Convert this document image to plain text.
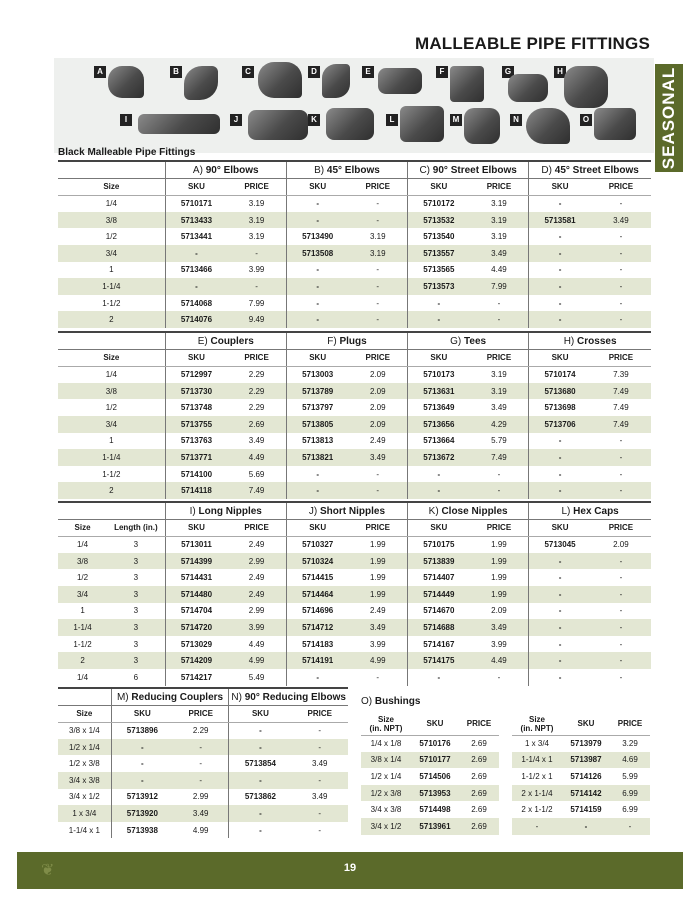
MALLEABLE PIPE FITTINGS
SEASONAL
A	B	C	D	E	F	G	H
I	J	K	L	M	N	O
Black Malleable Pipe Fittings
	A) 90° Elbows		B) 45° Elbows		C) 90° Street Elbows		D) 45° Street Elbows	
Size	SKU	PRICE	SKU	PRICE	SKU	PRICE	SKU	PRICE
1/4	5710171	3.19	-	-	5710172	3.19	-	-
3/8	5713433	3.19	-	-	5713532	3.19	5713581	3.49
1/2	5713441	3.19	5713490	3.19	5713540	3.19	-	-
3/4	-	-	5713508	3.19	5713557	3.49	-	-
1	5713466	3.99	-	-	5713565	4.49	-	-
1-1/4	-	-	-	-	5713573	7.99	-	-
1-1/2	5714068	7.99	-	-	-	-	-	-
2	5714076	9.49	-	-	-	-	-	-
	E) Couplers		F) Plugs		G) Tees		H) Crosses	
Size	SKU	PRICE	SKU	PRICE	SKU	PRICE	SKU	PRICE
1/4	5712997	2.29	5713003	2.09	5710173	3.19	5710174	7.39
3/8	5713730	2.29	5713789	2.09	5713631	3.19	5713680	7.49
1/2	5713748	2.29	5713797	2.09	5713649	3.49	5713698	7.49
3/4	5713755	2.69	5713805	2.09	5713656	4.29	5713706	7.49
1	5713763	3.49	5713813	2.49	5713664	5.79	-	-
1-1/4	5713771	4.49	5713821	3.49	5713672	7.49	-	-
1-1/2	5714100	5.69	-	-	-	-	-	-
2	5714118	7.49	-	-	-	-	-	-
		I) Long Nipples		J) Short Nipples		K) Close Nipples		L) Hex Caps	
Size	Length (in.)	SKU	PRICE	SKU	PRICE	SKU	PRICE	SKU	PRICE
1/4	3	5713011	2.49	5710327	1.99	5710175	1.99	5713045	2.09
3/8	3	5714399	2.99	5710324	1.99	5713839	1.99	-	-
1/2	3	5714431	2.49	5714415	1.99	5714407	1.99	-	-
3/4	3	5714480	2.49	5714464	1.99	5714449	1.99	-	-
1	3	5714704	2.99	5714696	2.49	5714670	2.09	-	-
1-1/4	3	5714720	3.99	5714712	3.49	5714688	3.49	-	-
1-1/2	3	5713029	4.49	5714183	3.99	5714167	3.99	-	-
2	3	5714209	4.99	5714191	4.99	5714175	4.49	-	-
1/4	6	5714217	5.49	-	-	-	-	-	-
	M) Reducing Couplers		N) 90° Reducing Elbows	
Size	SKU	PRICE	SKU	PRICE
3/8 x 1/4	5713896	2.29	-	-
1/2 x 1/4	-	-	-	-
1/2 x 3/8	-	-	5713854	3.49
3/4 x 3/8	-	-	-	-
3/4 x 1/2	5713912	2.99	5713862	3.49
1 x 3/4	5713920	3.49	-	-
1-1/4 x 1	5713938	4.99	-	-
O) Bushings
Size
(in. NPT)	SKU	PRICE
1/4 x 1/8	5710176	2.69
3/8 x 1/4	5710177	2.69
1/2 x 1/4	5714506	2.69
1/2 x 3/8	5713953	2.69
3/4 x 3/8	5714498	2.69
3/4 x 1/2	5713961	2.69
Size
(in. NPT)	SKU	PRICE
1 x 3/4	5713979	3.29
1-1/4 x 1	5713987	4.69
1-1/2 x 1	5714126	5.99
2 x 1-1/4	5714142	6.99
2 x 1-1/2	5714159	6.99
-	-	-
❦	19
